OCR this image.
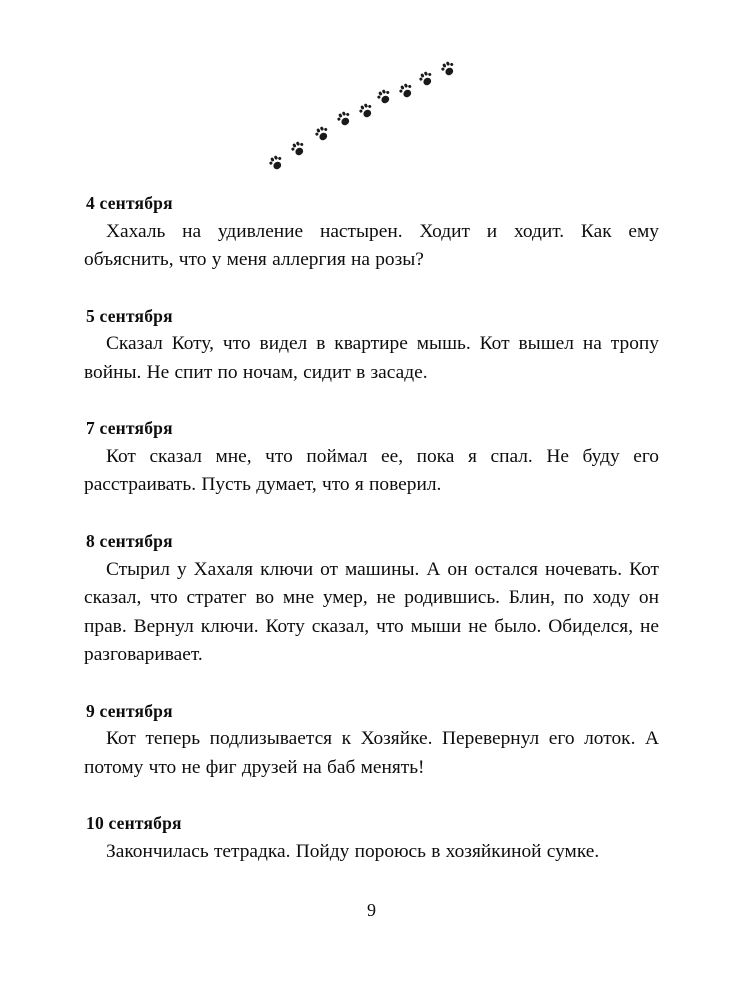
4 сентября

Хахаль на удивление настырен. Ходит и ходит. Как ему объяснить, что у меня аллергия на розы?

5 сентября

Сказал Коту, что видел в квартире мышь. Кот вышел на тропу войны. Не спит по ночам, сидит в засаде.

7 сентября

Кот сказал мне, что поймал ее, пока я спал. Не буду его расстраивать. Пусть думает, что я поверил.

8 сентября

Стырил у Хахаля ключи от машины. А он остался ночевать. Кот сказал, что стратег во мне умер, не родившись. Блин, по ходу он прав. Вернул ключи. Коту сказал, что мыши не было. Обиделся, не разговаривает.

9 сентября

Кот теперь подлизывается к Хозяйке. Перевернул его лоток. А потому что не фиг друзей на баб менять!

10 сентября

Закончилась тетрадка. Пойду пороюсь в хозяйкиной сумке.

9
